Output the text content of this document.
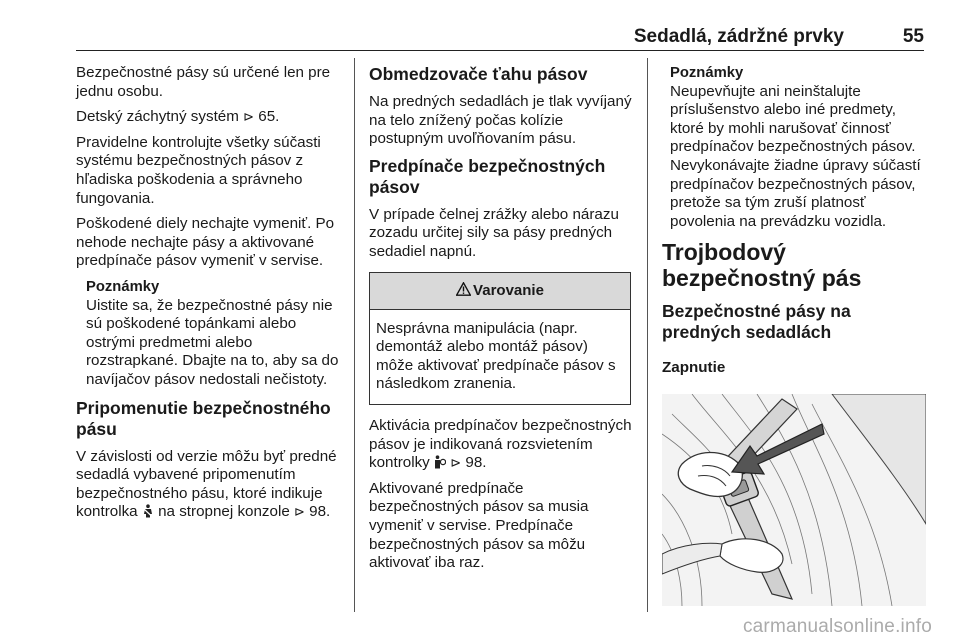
Sedadlá, zádržné prvky	55

Bezpečnostné pásy sú určené len pre jednu osobu.

Detský záchytný systém ⊳ 65.

Pravidelne kontrolujte všetky súčasti systému bezpečnostných pásov z hľadiska poškodenia a správneho fungovania.

Poškodené diely nechajte vymeniť. Po nehode nechajte pásy a aktivované predpínače pásov vymeniť v servise.

Poznámky
Uistite sa, že bezpečnostné pásy nie sú poškodené topánkami alebo ostrými predmetmi alebo rozstrapkané. Dbajte na to, aby sa do navíjačov pásov nedostali nečistoty.
Pripomenutie bezpečnostného pásu

V závislosti od verzie môžu byť predné sedadlá vybavené pripomenutím bezpečnostného pásu, ktoré indikuje kontrolka  na stropnej konzole ⊳ 98.

Obmedzovače ťahu pásov

Na predných sedadlách je tlak vyvíjaný na telo znížený počas kolízie postupným uvoľňovaním pásu.

Predpínače bezpečnostných pásov

V prípade čelnej zrážky alebo nárazu zozadu určitej sily sa pásy predných sedadiel napnú.

Varovanie
Nesprávna manipulácia (napr. demontáž alebo montáž pásov) môže aktivovať predpínače pásov s následkom zranenia.

Aktivácia predpínačov bezpečnostných pásov je indikovaná rozsvietením kontrolky  ⊳ 98.

Aktivované predpínače bezpečnostných pásov sa musia vymeniť v servise. Predpínače bezpečnostných pásov sa môžu aktivovať iba raz.

Poznámky
Neupevňujte ani neinštalujte príslušenstvo alebo iné predmety, ktoré by mohli narušovať činnosť predpínačov bezpečnostných pásov. Nevykonávajte žiadne úpravy súčastí predpínačov bezpečnostných pásov, pretože sa tým zruší platnosť povolenia na prevádzku vozidla.
Trojbodový bezpečnostný pás
Bezpečnostné pásy na predných sedadlách
Zapnutie
carmanualsonline.info
